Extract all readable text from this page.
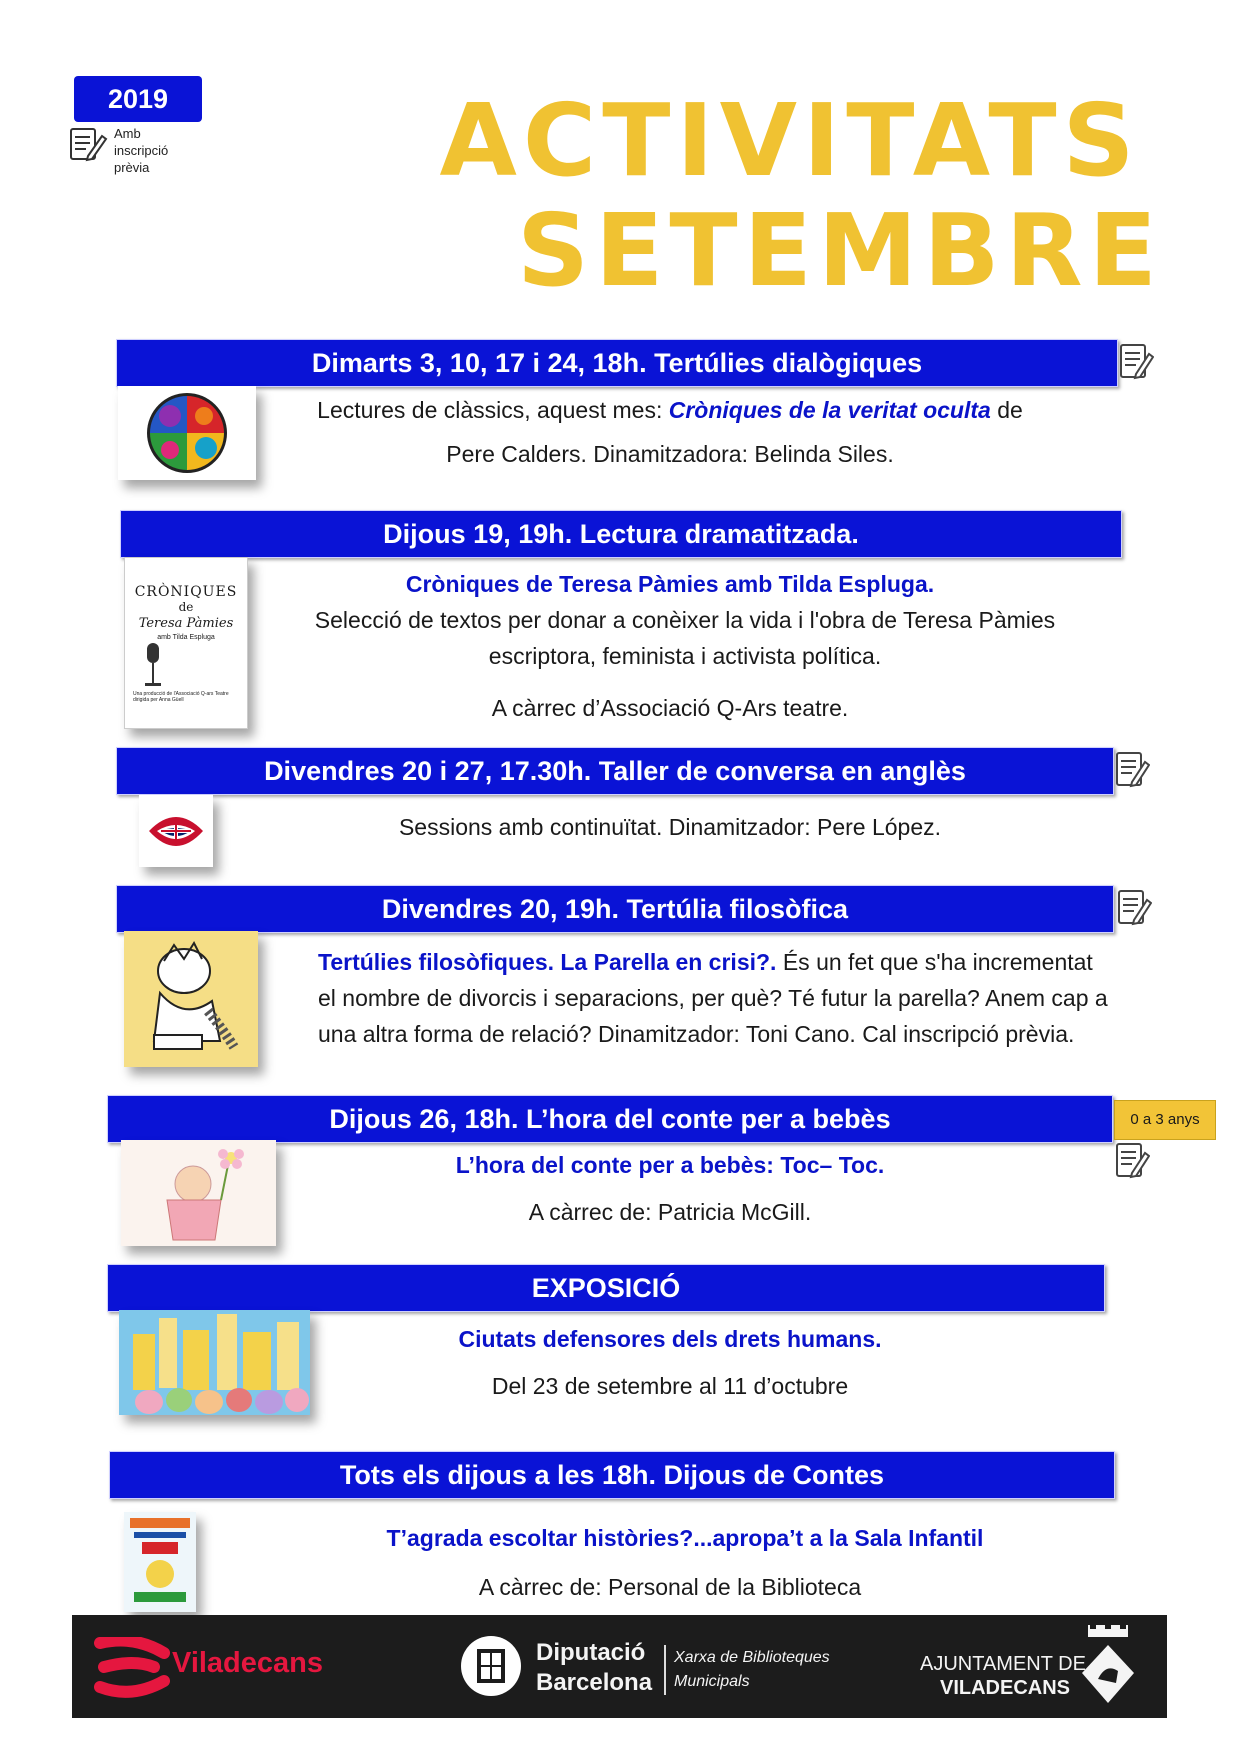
2019
Amb
inscripció
prèvia	ACTIVITATS
SETEMBRE
Dimarts 3, 10, 17 i 24, 18h. Tertúlies dialògiques
Lectures de clàssics, aquest mes: Cròniques de la veritat oculta de
Pere Calders. Dinamitzadora: Belinda Siles.
Dijous 19, 19h. Lectura dramatitzada.
CRÒNIQUES
de
Teresa Pàmies
amb Tilda Espluga
Una producció de l'Associació Q-ars Teatre
dirigida per Anna Güell
Cròniques de Teresa Pàmies amb Tilda Espluga.
Selecció de textos per donar a conèixer la vida i l'obra de Teresa Pàmies
escriptora, feminista i activista política.
A càrrec d’Associació Q-Ars teatre.
Divendres 20 i 27, 17.30h. Taller de conversa en anglès
Sessions amb continuïtat. Dinamitzador: Pere López.
Divendres 20, 19h. Tertúlia filosòfica
Tertúlies filosòfiques. La Parella en crisi?. És un fet que s'ha incrementat
el nombre de divorcis i separacions, per què? Té futur la parella? Anem cap a
una altra forma de relació? Dinamitzador: Toni Cano. Cal inscripció prèvia.
Dijous 26, 18h. L’hora del conte per a bebès	0 a 3 anys
L’hora del conte per a bebès: Toc– Toc.
A càrrec de: Patricia McGill.
EXPOSICIÓ
Ciutats defensores dels drets humans.
Del 23 de setembre al 11 d’octubre
Tots els dijous a les 18h. Dijous de Contes
T’agrada escoltar històries?...apropa’t a la Sala Infantil
A càrrec de: Personal de la Biblioteca
Viladecans	Diputació
Barcelona
Xarxa de Biblioteques
Municipals
AJUNTAMENT DE
VILADECANS
